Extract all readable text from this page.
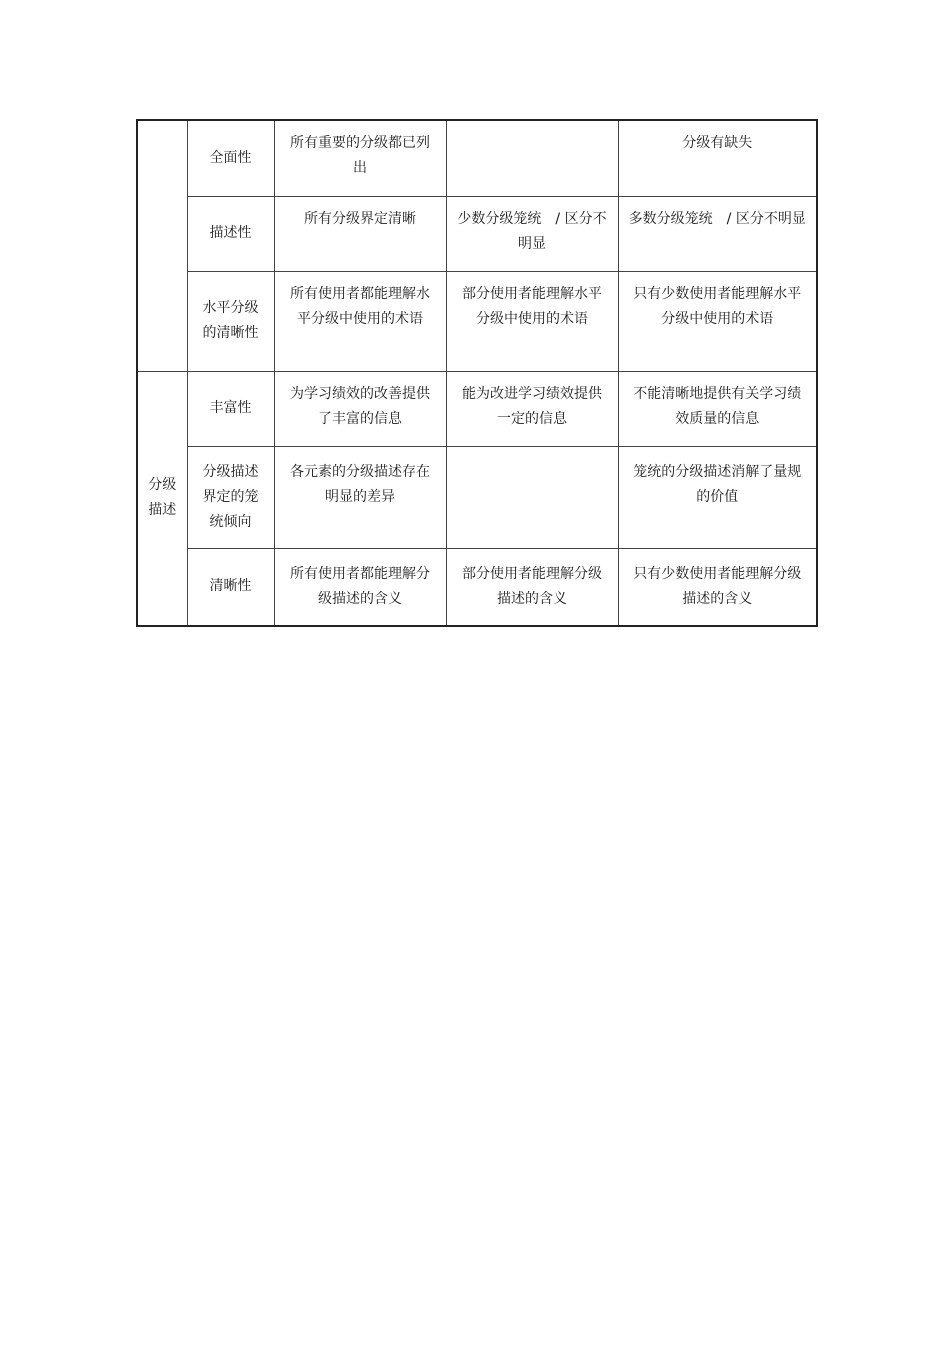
	全面性	所有重要的分级都已列出		分级有缺失
	描述性	所有分级界定清晰	少数分级笼统　/ 区分不明显	多数分级笼统　/ 区分不明显
	水平分级的清晰性	所有使用者都能理解水平分级中使用的术语	部分使用者能理解水平分级中使用的术语	只有少数使用者能理解水平分级中使用的术语
分级描述	丰富性	为学习绩效的改善提供了丰富的信息	能为改进学习绩效提供一定的信息	不能清晰地提供有关学习绩效质量的信息
	分级描述界定的笼统倾向	各元素的分级描述存在明显的差异		笼统的分级描述消解了量规的价值
	清晰性	所有使用者都能理解分级描述的含义	部分使用者能理解分级描述的含义	只有少数使用者能理解分级描述的含义
